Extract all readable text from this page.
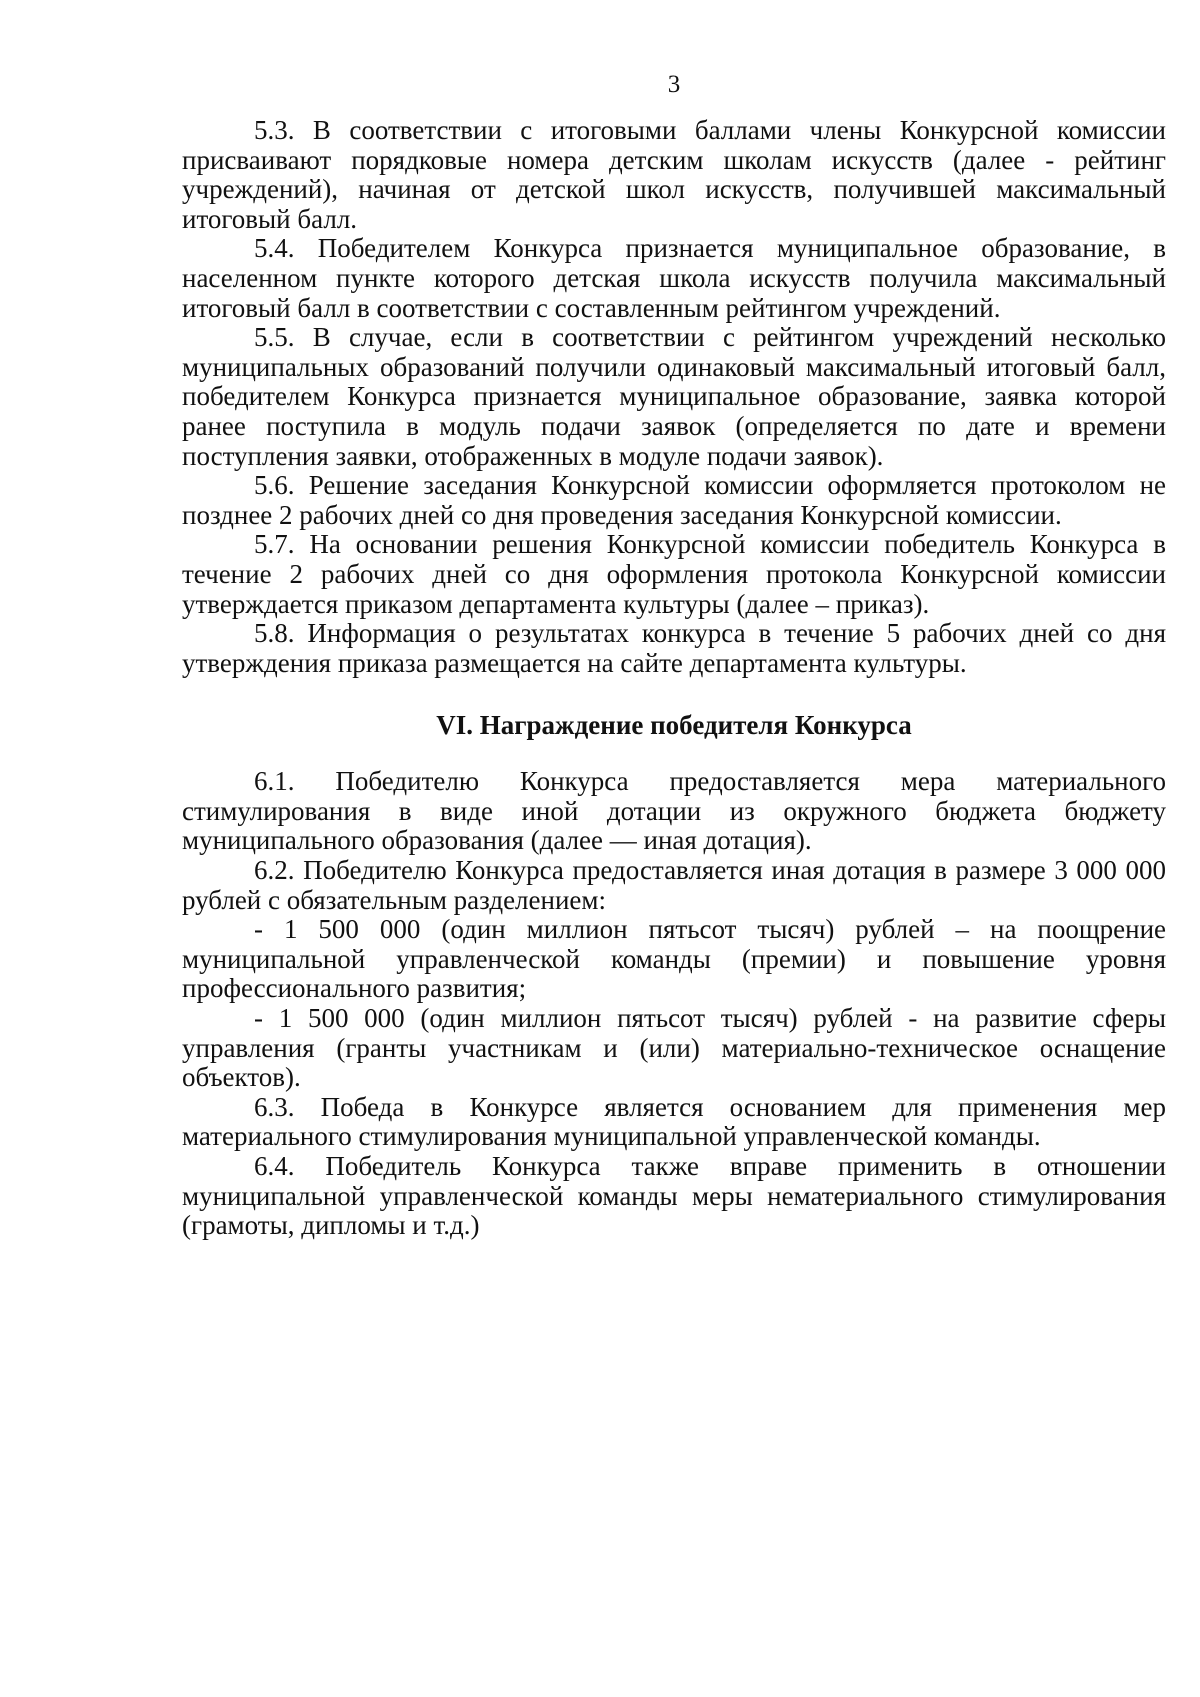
3

5.3. В соответствии с итоговыми баллами члены Конкурсной комиссии присваивают порядковые номера детским школам искусств (далее - рейтинг учреждений), начиная от детской школ искусств, получившей максимальный итоговый балл.

5.4. Победителем Конкурса признается муниципальное образование, в населенном пункте которого детская школа искусств получила максимальный итоговый балл в соответствии с составленным рейтингом учреждений.

5.5. В случае, если в соответствии с рейтингом учреждений несколько муниципальных образований получили одинаковый максимальный итоговый балл, победителем Конкурса признается муниципальное образование, заявка которой ранее поступила в модуль подачи заявок (определяется по дате и времени поступления заявки, отображенных в модуле подачи заявок).

5.6. Решение заседания Конкурсной комиссии оформляется протоколом не позднее 2 рабочих дней со дня проведения заседания Конкурсной комиссии.

5.7. На основании решения Конкурсной комиссии победитель Конкурса в течение 2 рабочих дней со дня оформления протокола Конкурсной комиссии утверждается приказом департамента культуры (далее – приказ).

5.8. Информация о результатах конкурса в течение 5 рабочих дней со дня утверждения приказа размещается на сайте департамента культуры.

VI. Награждение победителя Конкурса

6.1. Победителю Конкурса предоставляется мера материального стимулирования в виде иной дотации из окружного бюджета бюджету муниципального образования (далее — иная дотация).

6.2. Победителю Конкурса предоставляется иная дотация в размере 3 000 000 рублей с обязательным разделением:

- 1 500 000 (один миллион пятьсот тысяч) рублей – на поощрение муниципальной управленческой команды (премии) и повышение уровня профессионального развития;

- 1 500 000 (один миллион пятьсот тысяч) рублей - на развитие сферы управления (гранты участникам и (или) материально-техническое оснащение объектов).

6.3. Победа в Конкурсе является основанием для применения мер материального стимулирования муниципальной управленческой команды.

6.4. Победитель Конкурса также вправе применить в отношении муниципальной управленческой команды меры нематериального стимулирования (грамоты, дипломы и т.д.)
